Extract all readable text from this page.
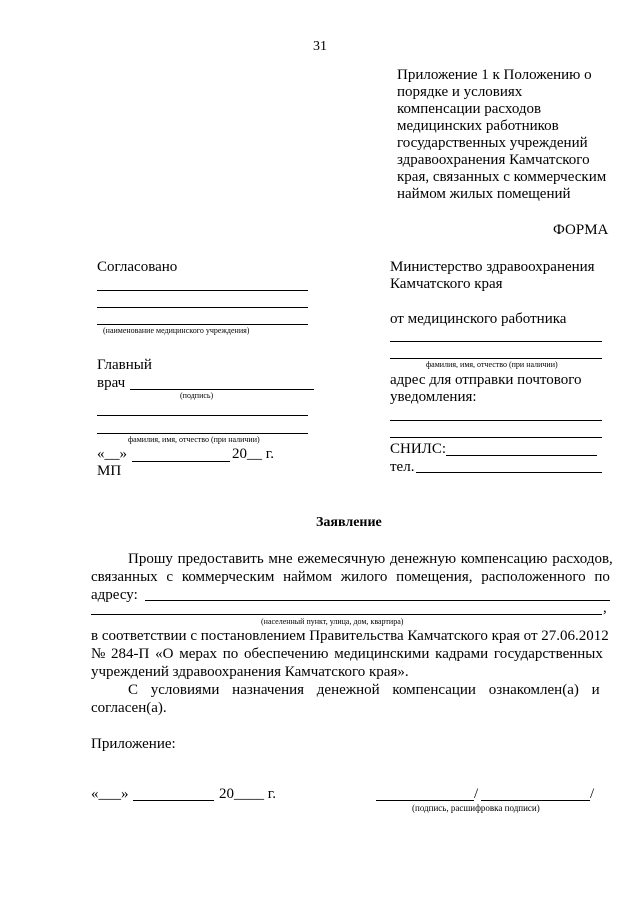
31
Приложение 1 к Положению о
порядке и условиях
компенсации расходов
медицинских работников
государственных учреждений
здравоохранения Камчатского
края, связанных с коммерческим
наймом жилых помещений
ФОРМА
Согласовано
(наименование медицинского учреждения)
Главный
врач
(подпись)
фамилия, имя, отчество (при наличии)
«__»	20__ г.
МП
Министерство здравоохранения
Камчатского края
от медицинского работника
фамилия, имя, отчество (при наличии)
адрес для отправки почтового
уведомления:
СНИЛС:
тел.
Заявление
Прошу предоставить мне ежемесячную денежную компенсацию расходов,
связанных с коммерческим наймом жилого помещения, расположенного по
адресу:
,
(населенный пункт, улица, дом, квартира)
в соответствии с постановлением Правительства Камчатского края от 27.06.2012
№ 284-П «О мерах по обеспечению медицинскими кадрами государственных
учреждений здравоохранения Камчатского края».
С условиями назначения денежной компенсации ознакомлен(а) и
согласен(а).
Приложение:
«___»	20____ г.	/	/
(подпись, расшифровка подписи)
